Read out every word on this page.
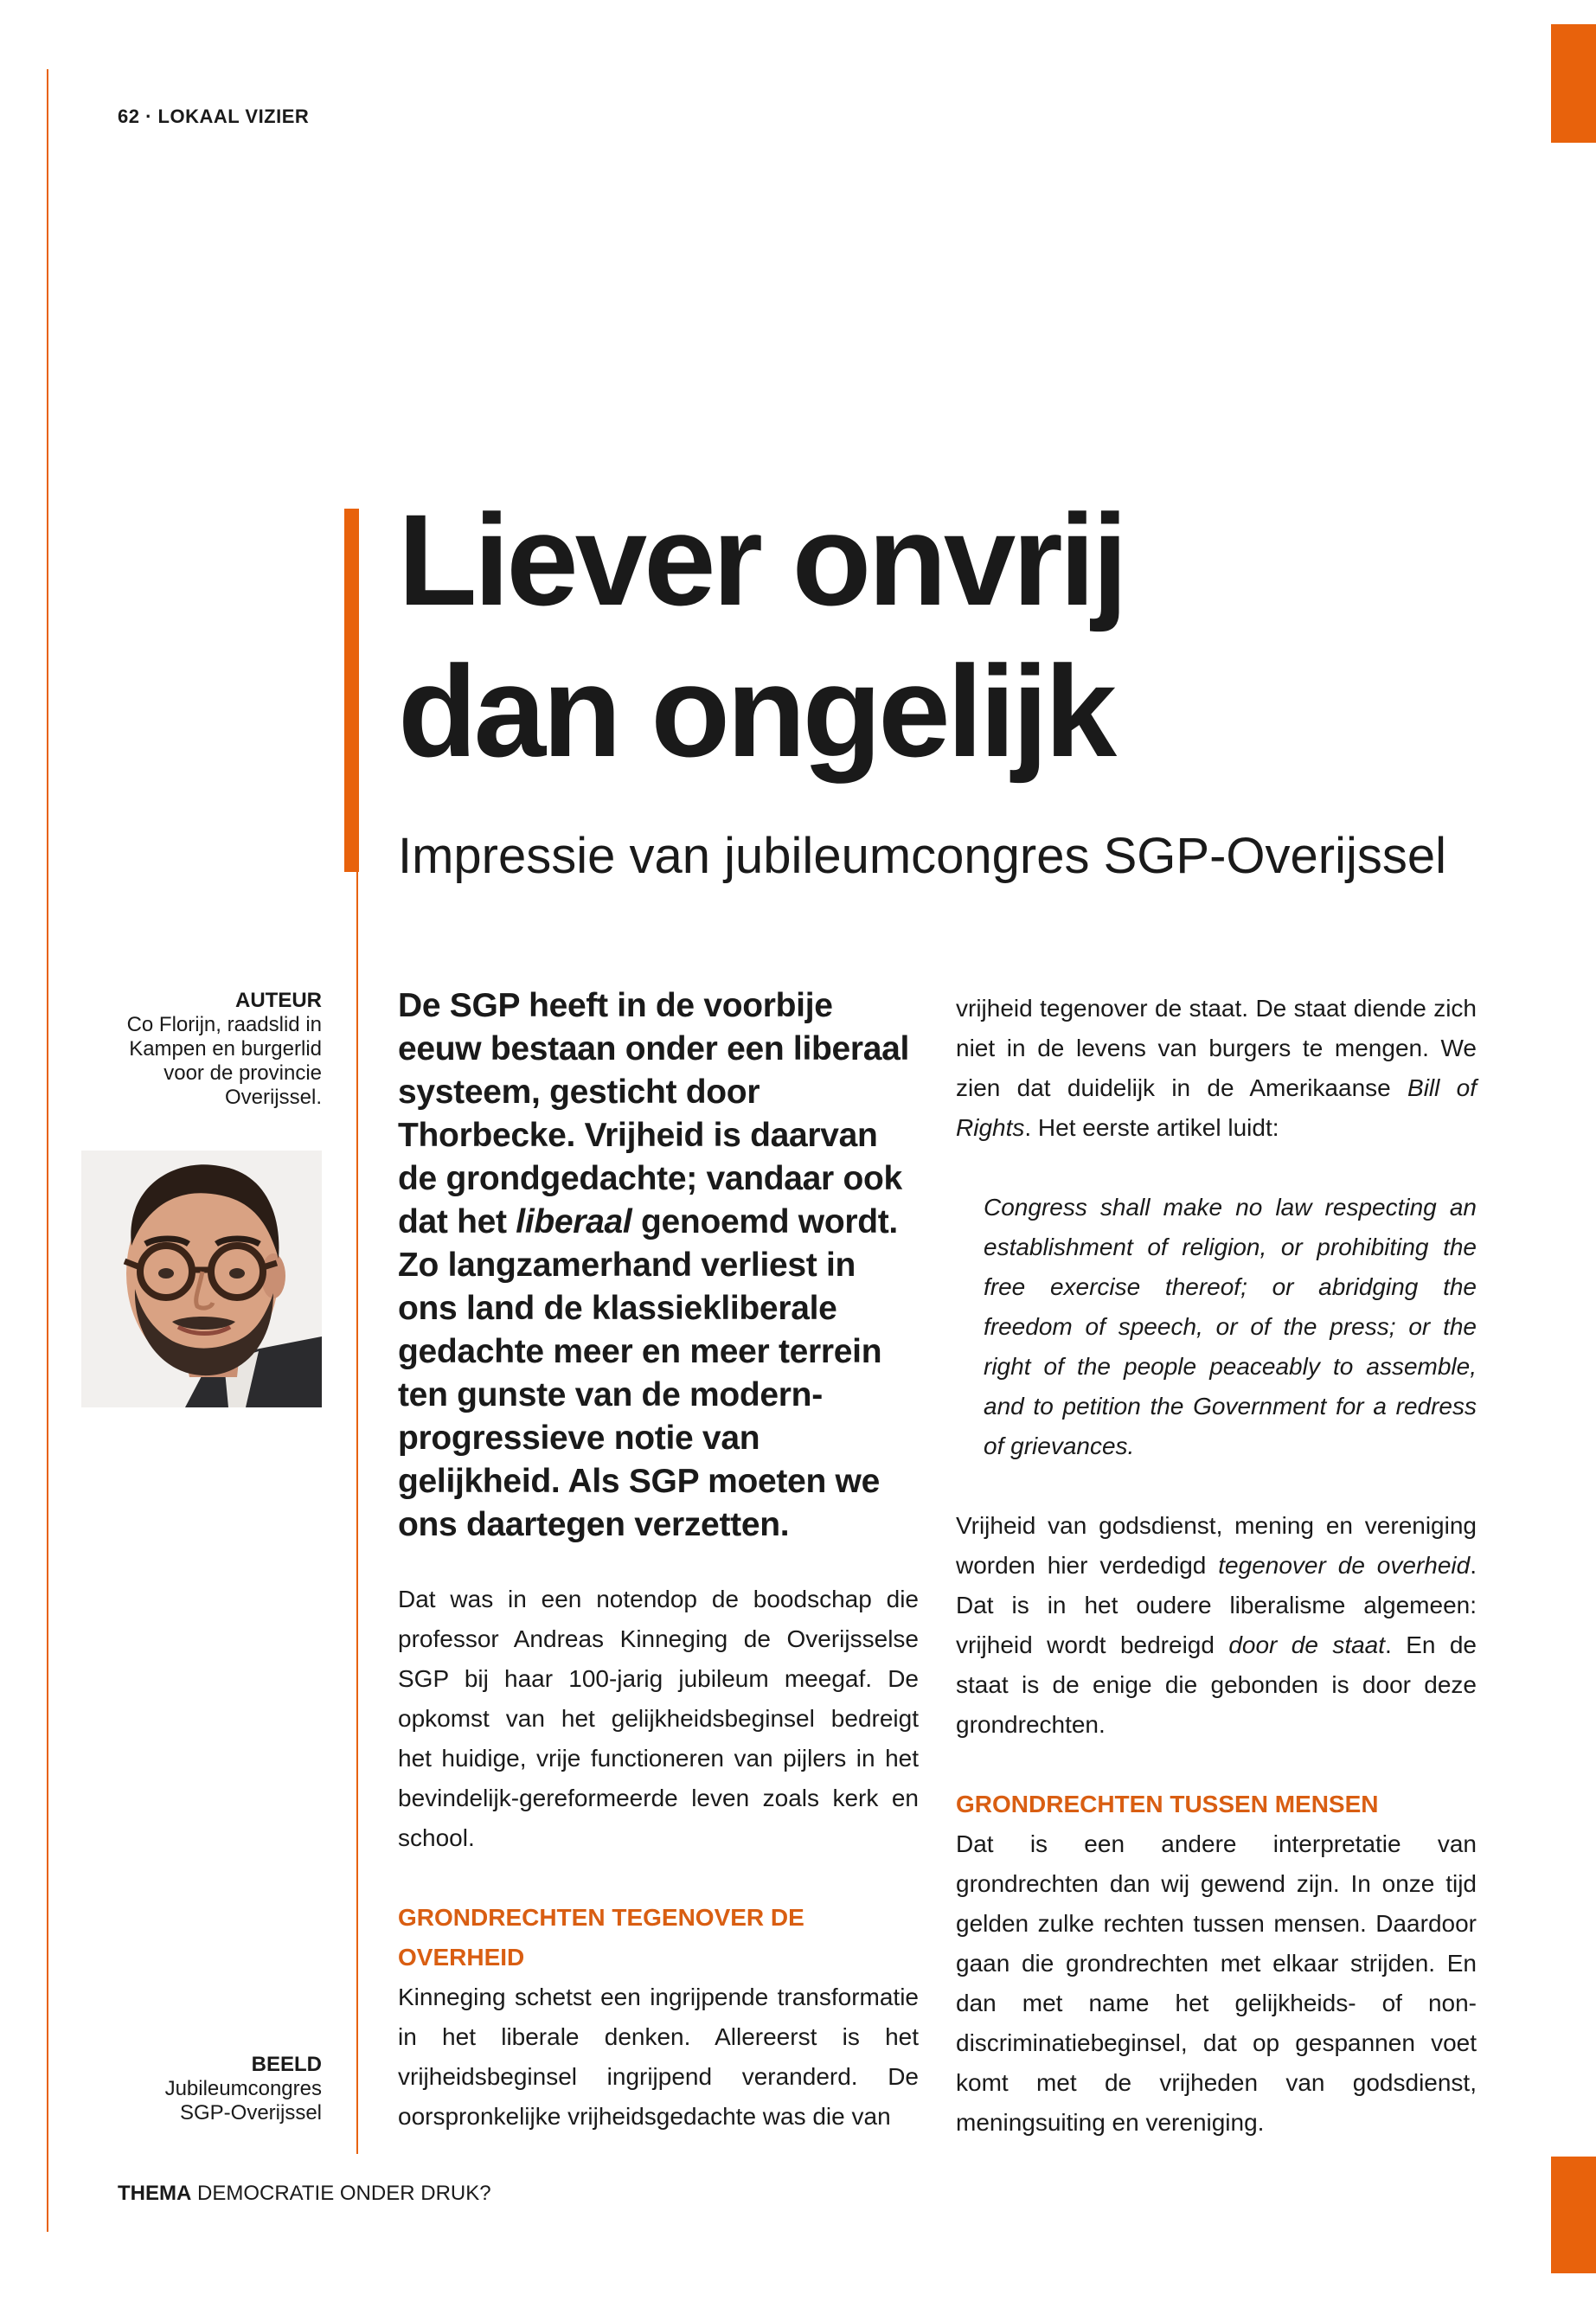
62 · LOKAAL VIZIER
Liever onvrij
dan ongelijk
Impressie van jubileumcongres SGP-Overijssel
AUTEUR
Co Florijn, raadslid in Kampen en burgerlid voor de provincie Overijssel.

De SGP heeft in de voorbije eeuw bestaan onder een liberaal systeem, gesticht door Thorbecke. Vrijheid is daarvan de grondgedachte; vandaar ook dat het liberaal genoemd wordt. Zo langzamerhand verliest in ons land de klassiekliberale gedachte meer en meer terrein ten gunste van de modern-progressieve notie van gelijkheid. Als SGP moeten we ons daartegen verzetten.

Dat was in een notendop de boodschap die professor Andreas Kinneging de Overijsselse SGP bij haar 100-jarig jubileum meegaf. De opkomst van het gelijkheidsbeginsel bedreigt het huidige, vrije functioneren van pijlers in het bevindelijk-gereformeerde leven zoals kerk en school.

GRONDRECHTEN TEGENOVER DE OVERHEID

Kinneging schetst een ingrijpende transformatie in het liberale denken. Allereerst is het vrijheidsbeginsel ingrijpend veranderd. De oorspronkelijke vrijheidsgedachte was die van

vrijheid tegenover de staat. De staat diende zich niet in de levens van burgers te mengen. We zien dat duidelijk in de Amerikaanse Bill of Rights. Het eerste artikel luidt:

Congress shall make no law respecting an establishment of religion, or prohibiting the free exercise thereof; or abridging the freedom of speech, or of the press; or the right of the people peaceably to assemble, and to petition the Government for a redress of grievances.

Vrijheid van godsdienst, mening en vereniging worden hier verdedigd tegenover de overheid. Dat is in het oudere liberalisme algemeen: vrijheid wordt bedreigd door de staat. En de staat is de enige die gebonden is door deze grondrechten.

GRONDRECHTEN TUSSEN MENSEN

Dat is een andere interpretatie van grondrechten dan wij gewend zijn. In onze tijd gelden zulke rechten tussen mensen. Daardoor gaan die grondrechten met elkaar strijden. En dan met name het gelijkheids- of non-discriminatiebeginsel, dat op gespannen voet komt met de vrijheden van godsdienst, meningsuiting en vereniging.

BEELD
Jubileumcongres SGP-Overijssel
THEMA DEMOCRATIE ONDER DRUK?
